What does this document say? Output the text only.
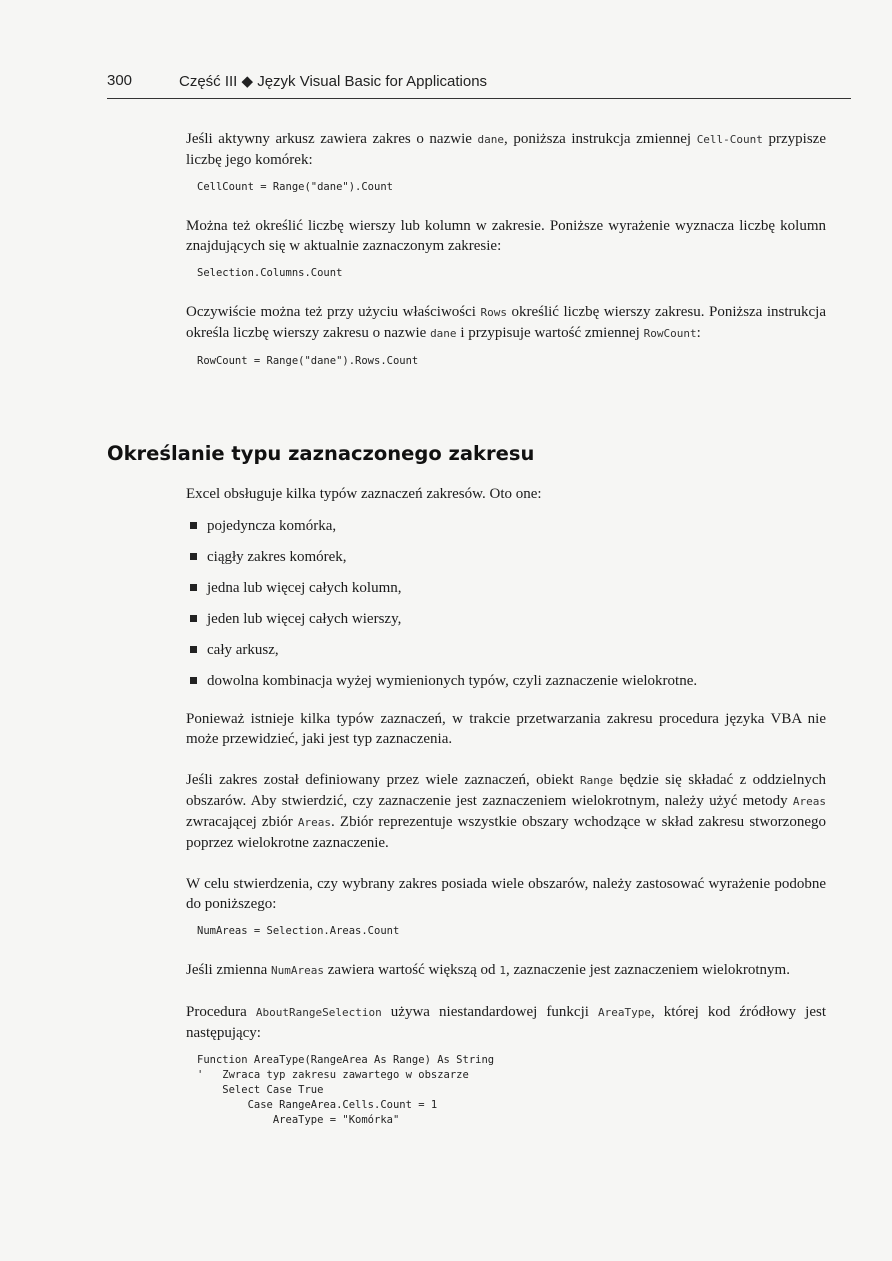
300	Część III ◆ Język Visual Basic for Applications

Jeśli aktywny arkusz zawiera zakres o nazwie dane, poniższa instrukcja zmiennej Cell-Count przypisze liczbę jego komórek:

CellCount = Range("dane").Count

Można też określić liczbę wierszy lub kolumn w zakresie. Poniższe wyrażenie wyznacza liczbę kolumn znajdujących się w aktualnie zaznaczonym zakresie:

Selection.Columns.Count

Oczywiście można też przy użyciu właściwości Rows określić liczbę wierszy zakresu. Poniższa instrukcja określa liczbę wierszy zakresu o nazwie dane i przypisuje wartość zmiennej RowCount:

RowCount = Range("dane").Rows.Count
Określanie typu zaznaczonego zakresu

Excel obsługuje kilka typów zaznaczeń zakresów. Oto one:

pojedyncza komórka,
ciągły zakres komórek,
jedna lub więcej całych kolumn,
jeden lub więcej całych wierszy,
cały arkusz,
dowolna kombinacja wyżej wymienionych typów, czyli zaznaczenie wielokrotne.

Ponieważ istnieje kilka typów zaznaczeń, w trakcie przetwarzania zakresu procedura języka VBA nie może przewidzieć, jaki jest typ zaznaczenia.

Jeśli zakres został definiowany przez wiele zaznaczeń, obiekt Range będzie się składać z oddzielnych obszarów. Aby stwierdzić, czy zaznaczenie jest zaznaczeniem wielokrotnym, należy użyć metody Areas zwracającej zbiór Areas. Zbiór reprezentuje wszystkie obszary wchodzące w skład zakresu stworzonego poprzez wielokrotne zaznaczenie.

W celu stwierdzenia, czy wybrany zakres posiada wiele obszarów, należy zastosować wyrażenie podobne do poniższego:

NumAreas = Selection.Areas.Count

Jeśli zmienna NumAreas zawiera wartość większą od 1, zaznaczenie jest zaznaczeniem wielokrotnym.

Procedura AboutRangeSelection używa niestandardowej funkcji AreaType, której kod źródłowy jest następujący:

Function AreaType(RangeArea As Range) As String
'   Zwraca typ zakresu zawartego w obszarze
Select Case True
Case RangeArea.Cells.Count = 1
AreaType = "Komórka"
